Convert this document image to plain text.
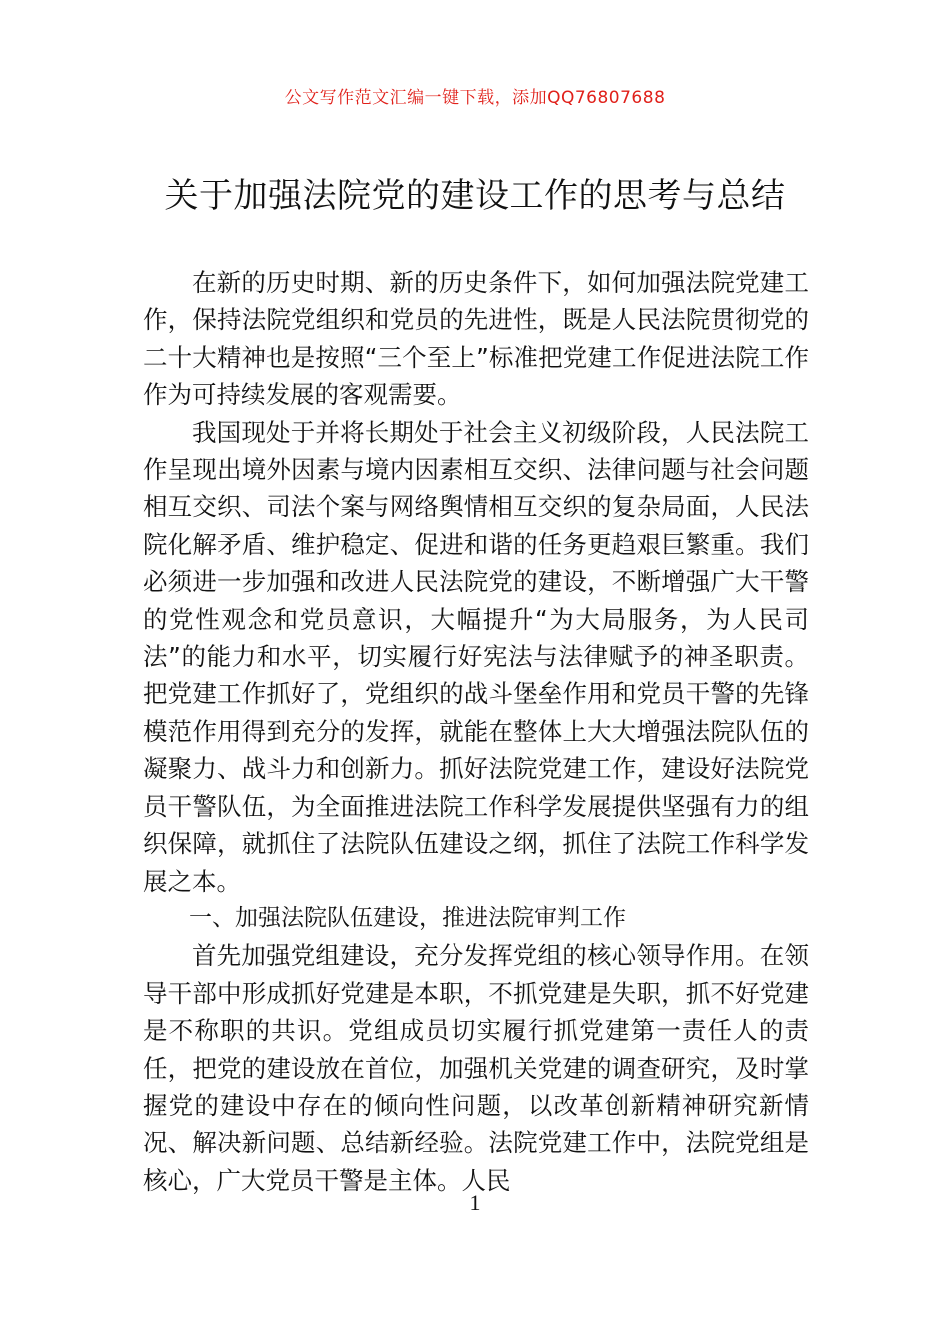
公文写作范文汇编一键下载，添加QQ76807688
关于加强法院党的建设工作的思考与总结

在新的历史时期、新的历史条件下，如何加强法院党建工作，保持法院党组织和党员的先进性，既是人民法院贯彻党的二十大精神也是按照“三个至上”标准把党建工作促进法院工作作为可持续发展的客观需要。

我国现处于并将长期处于社会主义初级阶段，人民法院工作呈现出境外因素与境内因素相互交织、法律问题与社会问题相互交织、司法个案与网络舆情相互交织的复杂局面，人民法院化解矛盾、维护稳定、促进和谐的任务更趋艰巨繁重。我们必须进一步加强和改进人民法院党的建设，不断增强广大干警的党性观念和党员意识，大幅提升“为大局服务，为人民司法”的能力和水平，切实履行好宪法与法律赋予的神圣职责。把党建工作抓好了，党组织的战斗堡垒作用和党员干警的先锋模范作用得到充分的发挥，就能在整体上大大增强法院队伍的凝聚力、战斗力和创新力。抓好法院党建工作，建设好法院党员干警队伍，为全面推进法院工作科学发展提供坚强有力的组织保障，就抓住了法院队伍建设之纲，抓住了法院工作科学发展之本。

一、加强法院队伍建设，推进法院审判工作

首先加强党组建设，充分发挥党组的核心领导作用。在领导干部中形成抓好党建是本职，不抓党建是失职，抓不好党建是不称职的共识。党组成员切实履行抓党建第一责任人的责任，把党的建设放在首位，加强机关党建的调查研究，及时掌握党的建设中存在的倾向性问题，以改革创新精神研究新情况、解决新问题、总结新经验。法院党建工作中，法院党组是核心，广大党员干警是主体。人民

1
